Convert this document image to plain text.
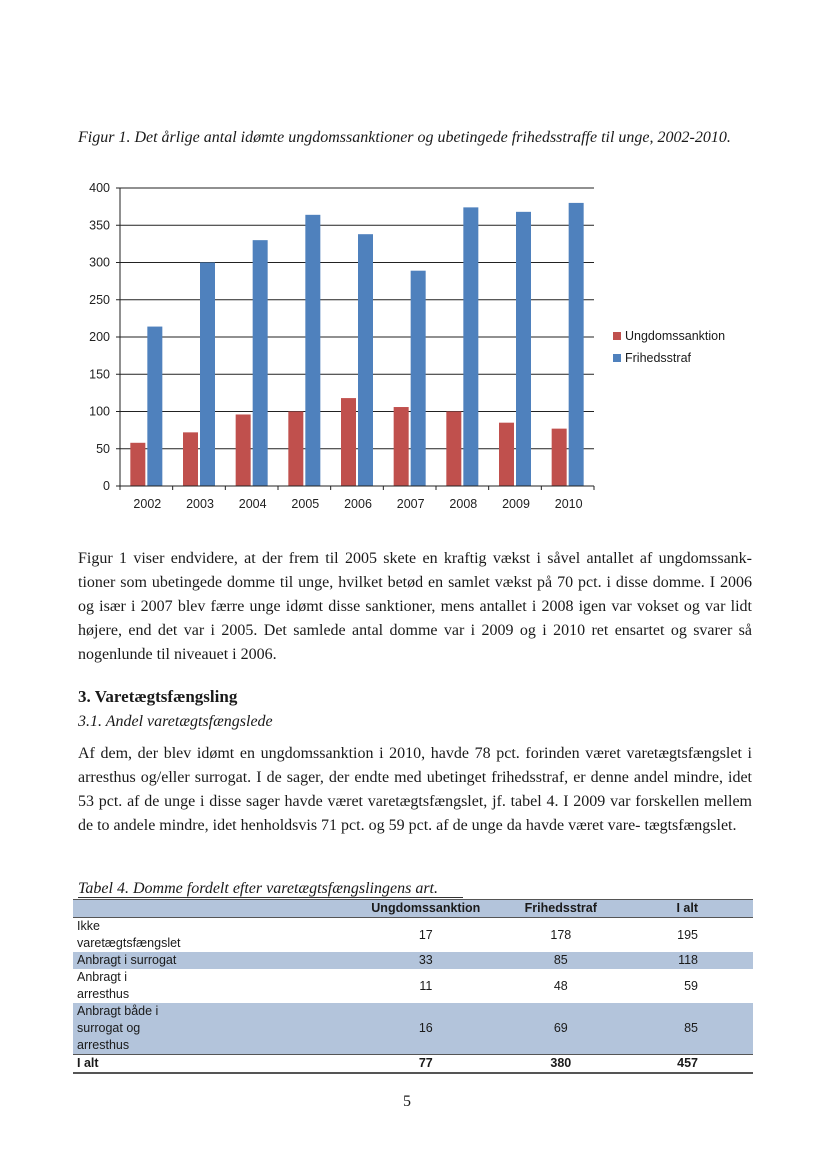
Figur 1. Det årlige antal idømte ungdomssanktioner og ubetingede frihedsstraffe til unge, 2002-2010.

0
50
100
150
200
250
300
350
400
2002 2003 2004 2005 2006 2007 2008 2009 2010
Ungdomssanktion
Frihedsstraf

Figur 1 viser endvidere, at der frem til 2005 skete en kraftig vækst i såvel antallet af ungdomssank- tioner som ubetingede domme til unge, hvilket betød en samlet vækst på 70 pct. i disse domme. I 2006 og især i 2007 blev færre unge idømt disse sanktioner, mens antallet i 2008 igen var vokset og var lidt højere, end det var i 2005. Det samlede antal domme var i 2009 og i 2010 ret ensartet og svarer så nogenlunde til niveauet i 2006.

3. Varetægtsfængsling

3.1. Andel varetægtsfængslede

Af dem, der blev idømt en ungdomssanktion i 2010, havde 78 pct. forinden været varetægtsfængslet i arresthus og/eller surrogat. I de sager, der endte med ubetinget frihedsstraf, er denne andel mindre, idet 53 pct. af de unge i disse sager havde været varetægtsfængslet, jf. tabel 4. I 2009 var forskellen mellem de to andele mindre, idet henholdsvis 71 pct. og 59 pct. af de unge da havde været vare- tægtsfængslet.

Tabel 4. Domme fordelt efter varetægtsfængslingens art.

	Ungdomssanktion	Frihedsstraf	I alt
Ikke varetægtsfængslet	17	178	195
Anbragt i surrogat	33	85	118
Anbragt i arresthus	11	48	59
Anbragt både i surrogat og arresthus	16	69	85
I alt	77	380	457

5
